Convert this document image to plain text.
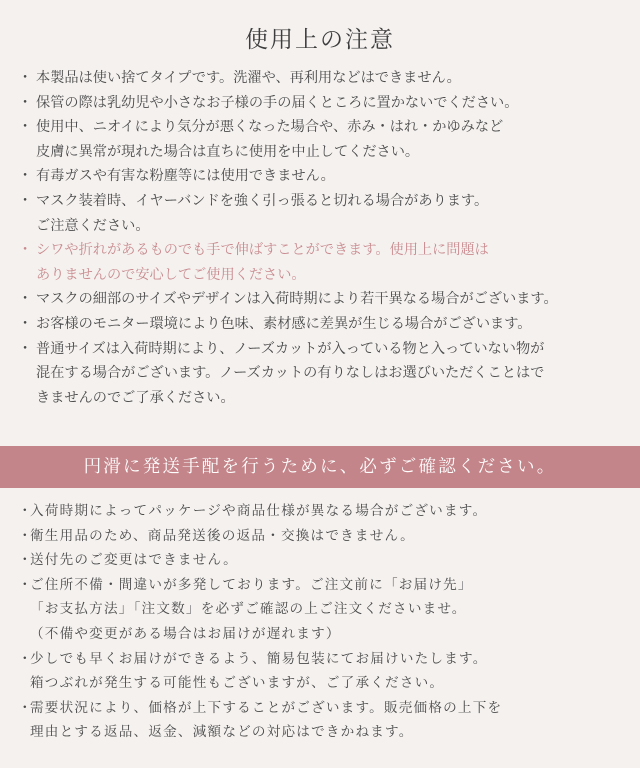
使用上の注意
・ 本製品は使い捨てタイプです。洗濯や、再利用などはできません。
・ 保管の際は乳幼児や小さなお子様の手の届くところに置かないでください。
・ 使用中、ニオイにより気分が悪くなった場合や、赤み・はれ・かゆみなど
皮膚に異常が現れた場合は直ちに使用を中止してください。
・ 有毒ガスや有害な粉塵等には使用できません。
・ マスク装着時、イヤーバンドを強く引っ張ると切れる場合があります。
ご注意ください。
・ シワや折れがあるものでも手で伸ばすことができます。使用上に問題は
ありませんので安心してご使用ください。
・ マスクの細部のサイズやデザインは入荷時期により若干異なる場合がございます。
・ お客様のモニター環境により色味、素材感に差異が生じる場合がございます。
・ 普通サイズは入荷時期により、ノーズカットが入っている物と入っていない物が
混在する場合がございます。ノーズカットの有りなしはお選びいただくことはで
きませんのでご了承ください。
円滑に発送手配を行うために、必ずご確認ください。
・
入荷時期によってパッケージや商品仕様が異なる場合がございます。
・
衛生用品のため、商品発送後の返品・交換はできません。
・
送付先のご変更はできません。
・
ご住所不備・間違いが多発しております。ご注文前に「お届け先」
「お支払方法」「注文数」を必ずご確認の上ご注文くださいませ。
（不備や変更がある場合はお届けが遅れます）
・
少しでも早くお届けができるよう、簡易包装にてお届けいたします。
箱つぶれが発生する可能性もございますが、ご了承ください。
・
需要状況により、価格が上下することがございます。販売価格の上下を
理由とする返品、返金、減額などの対応はできかねます。
